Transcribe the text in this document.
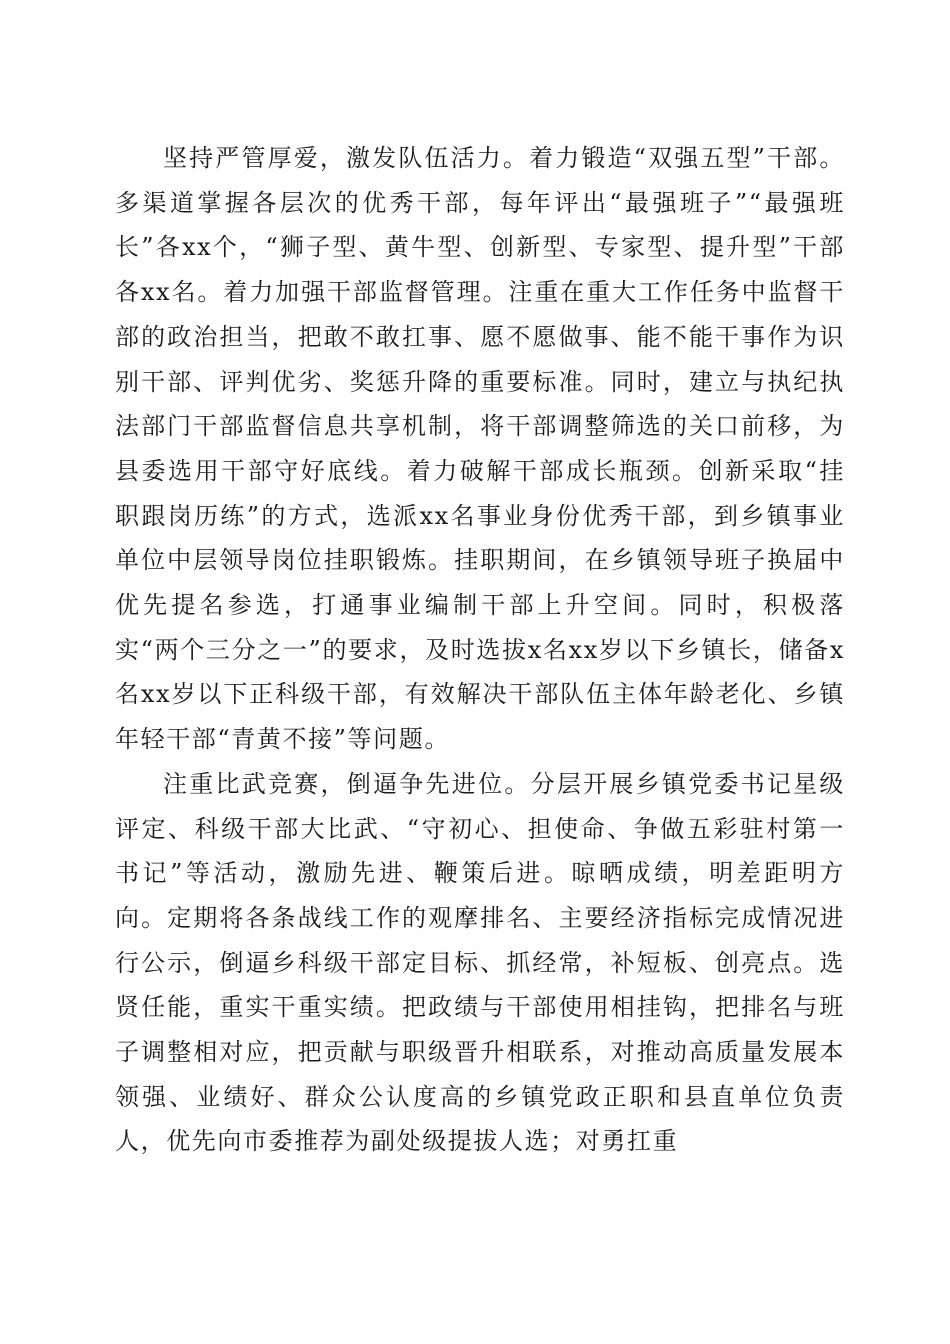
坚持严管厚爱，激发队伍活力。着力锻造“双强五型”干部。多渠道掌握各层次的优秀干部，每年评出“最强班子”“最强班长”各xx个，“狮子型、黄牛型、创新型、专家型、提升型”干部各xx名。着力加强干部监督管理。注重在重大工作任务中监督干部的政治担当，把敢不敢扛事、愿不愿做事、能不能干事作为识别干部、评判优劣、奖惩升降的重要标准。同时，建立与执纪执法部门干部监督信息共享机制，将干部调整筛选的关口前移，为县委选用干部守好底线。着力破解干部成长瓶颈。创新采取“挂职跟岗历练”的方式，选派xx名事业身份优秀干部，到乡镇事业单位中层领导岗位挂职锻炼。挂职期间，在乡镇领导班子换届中优先提名参选，打通事业编制干部上升空间。同时，积极落实“两个三分之一”的要求，及时选拔x名xx岁以下乡镇长，储备x名xx岁以下正科级干部，有效解决干部队伍主体年龄老化、乡镇年轻干部“青黄不接”等问题。

注重比武竞赛，倒逼争先进位。分层开展乡镇党委书记星级评定、科级干部大比武、“守初心、担使命、争做五彩驻村第一书记”等活动，激励先进、鞭策后进。晾晒成绩，明差距明方向。定期将各条战线工作的观摩排名、主要经济指标完成情况进行公示，倒逼乡科级干部定目标、抓经常，补短板、创亮点。选贤任能，重实干重实绩。把政绩与干部使用相挂钩，把排名与班子调整相对应，把贡献与职级晋升相联系，对推动高质量发展本领强、业绩好、群众公认度高的乡镇党政正职和县直单位负责人，优先向市委推荐为副处级提拔人选；对勇扛重
